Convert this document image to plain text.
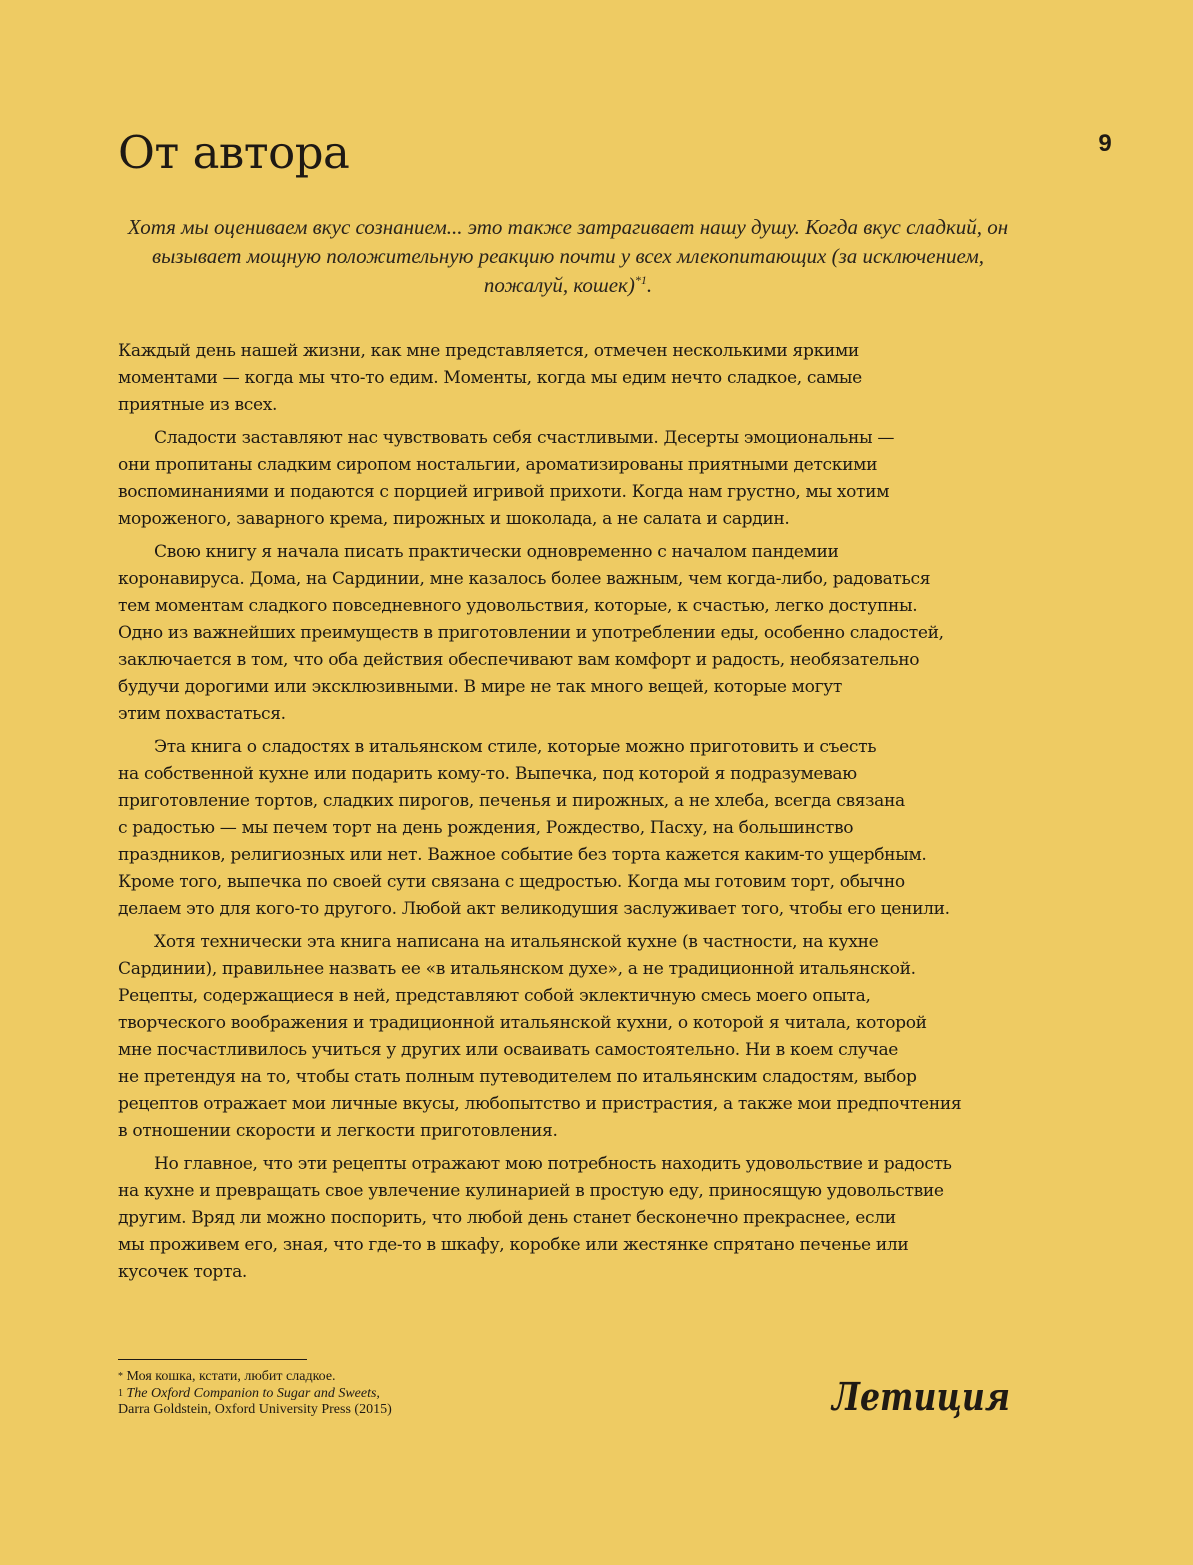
От автора	9

Хотя мы оцениваем вкус сознанием... это также затрагивает нашу душу. Когда вкус сладкий, он вызывает мощную положительную реакцию почти у всех млекопитающих (за исключением, пожалуй, кошек)$^{*1}$.

Каждый день нашей жизни, как мне представляется, отмечен несколькими яркими
моментами — когда мы что-то едим. Моменты, когда мы едим нечто сладкое, самые
приятные из всех.

Сладости заставляют нас чувствовать себя счастливыми. Десерты эмоциональны —
они пропитаны сладким сиропом ностальгии, ароматизированы приятными детскими
воспоминаниями и подаются с порцией игривой прихоти. Когда нам грустно, мы хотим
мороженого, заварного крема, пирожных и шоколада, а не салата и сардин.

Свою книгу я начала писать практически одновременно с началом пандемии
коронавируса. Дома, на Сардинии, мне казалось более важным, чем когда-либо, радоваться
тем моментам сладкого повседневного удовольствия, которые, к счастью, легко доступны.
Одно из важнейших преимуществ в приготовлении и употреблении еды, особенно сладостей,
заключается в том, что оба действия обеспечивают вам комфорт и радость, необязательно
будучи дорогими или эксклюзивными. В мире не так много вещей, которые могут
этим похвастаться.

Эта книга о сладостях в итальянском стиле, которые можно приготовить и съесть
на собственной кухне или подарить кому-то. Выпечка, под которой я подразумеваю
приготовление тортов, сладких пирогов, печенья и пирожных, а не хлеба, всегда связана
с радостью — мы печем торт на день рождения, Рождество, Пасху, на большинство
праздников, религиозных или нет. Важное событие без торта кажется каким-то ущербным.
Кроме того, выпечка по своей сути связана с щедростью. Когда мы готовим торт, обычно
делаем это для кого-то другого. Любой акт великодушия заслуживает того, чтобы его ценили.

Хотя технически эта книга написана на итальянской кухне (в частности, на кухне
Сардинии), правильнее назвать ее «в итальянском духе», а не традиционной итальянской.
Рецепты, содержащиеся в ней, представляют собой эклектичную смесь моего опыта,
творческого воображения и традиционной итальянской кухни, о которой я читала, которой
мне посчастливилось учиться у других или осваивать самостоятельно. Ни в коем случае
не претендуя на то, чтобы стать полным путеводителем по итальянским сладостям, выбор
рецептов отражает мои личные вкусы, любопытство и пристрастия, а также мои предпочтения
в отношении скорости и легкости приготовления.

Но главное, что эти рецепты отражают мою потребность находить удовольствие и радость
на кухне и превращать свое увлечение кулинарией в простую еду, приносящую удовольствие
другим. Вряд ли можно поспорить, что любой день станет бесконечно прекраснее, если
мы проживем его, зная, что где-то в шкафу, коробке или жестянке спрятано печенье или
кусочек торта.

* Моя кошка, кстати, любит сладкое.

$^1$ The Oxford Companion to Sugar and Sweets,

Darra Goldstein, Oxford University Press (2015)	Летиция
